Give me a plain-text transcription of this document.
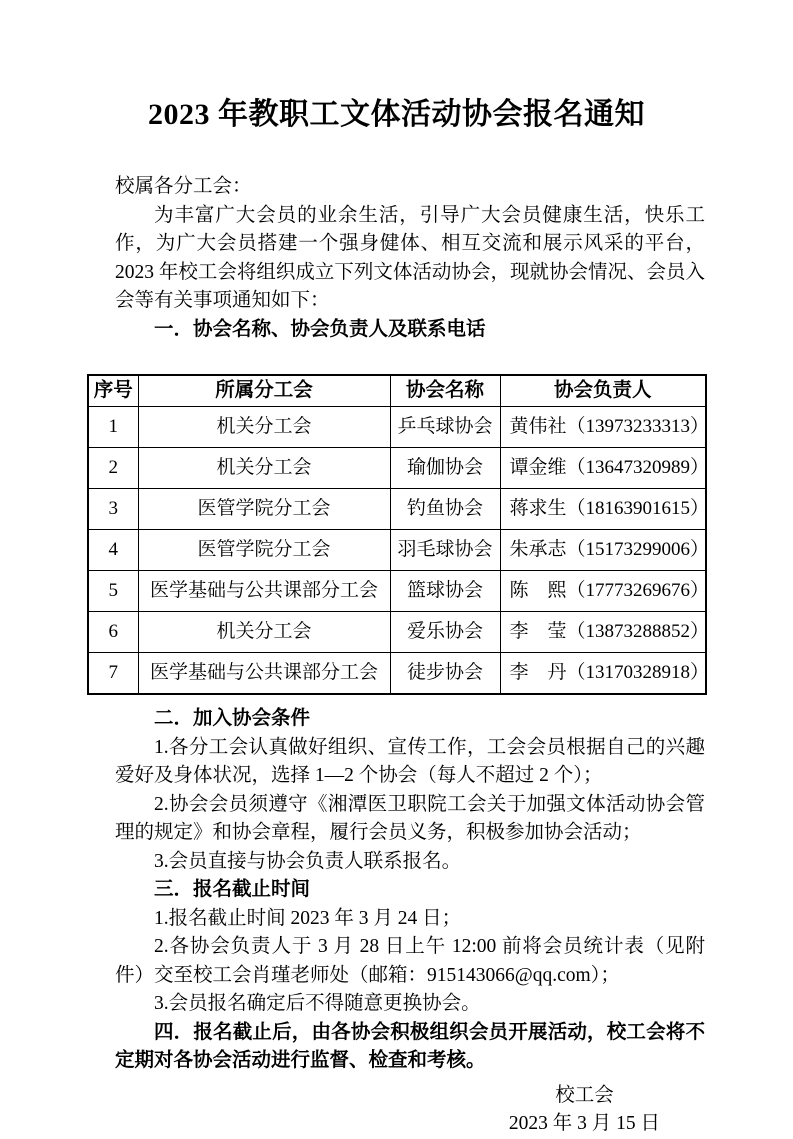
2023 年教职工文体活动协会报名通知
校属各分工会：
为丰富广大会员的业余生活，引导广大会员健康生活，快乐工作，为广大会员搭建一个强身健体、相互交流和展示风采的平台，2023 年校工会将组织成立下列文体活动协会，现就协会情况、会员入会等有关事项通知如下：
一．协会名称、协会负责人及联系电话
序号	所属分工会	协会名称	协会负责人
1	机关分工会	乒乓球协会	黄伟社（13973233313）
2	机关分工会	瑜伽协会	谭金维（13647320989）
3	医管学院分工会	钓鱼协会	蒋求生（18163901615）
4	医管学院分工会	羽毛球协会	朱承志（15173299006）
5	医学基础与公共课部分工会	篮球协会	陈　熙（17773269676）
6	机关分工会	爱乐协会	李　莹（13873288852）
7	医学基础与公共课部分工会	徒步协会	李　丹（13170328918）
二．加入协会条件
1.各分工会认真做好组织、宣传工作，工会会员根据自己的兴趣爱好及身体状况，选择 1—2 个协会（每人不超过 2 个）；
2.协会会员须遵守《湘潭医卫职院工会关于加强文体活动协会管理的规定》和协会章程，履行会员义务，积极参加协会活动；
3.会员直接与协会负责人联系报名。
三．报名截止时间
1.报名截止时间 2023 年 3 月 24 日；
2.各协会负责人于 3 月 28 日上午 12:00 前将会员统计表（见附件）交至校工会肖瑾老师处（邮箱：915143066@qq.com）；
3.会员报名确定后不得随意更换协会。
四．报名截止后，由各协会积极组织会员开展活动，校工会将不定期对各协会活动进行监督、检查和考核。
校工会
2023 年 3 月 15 日
